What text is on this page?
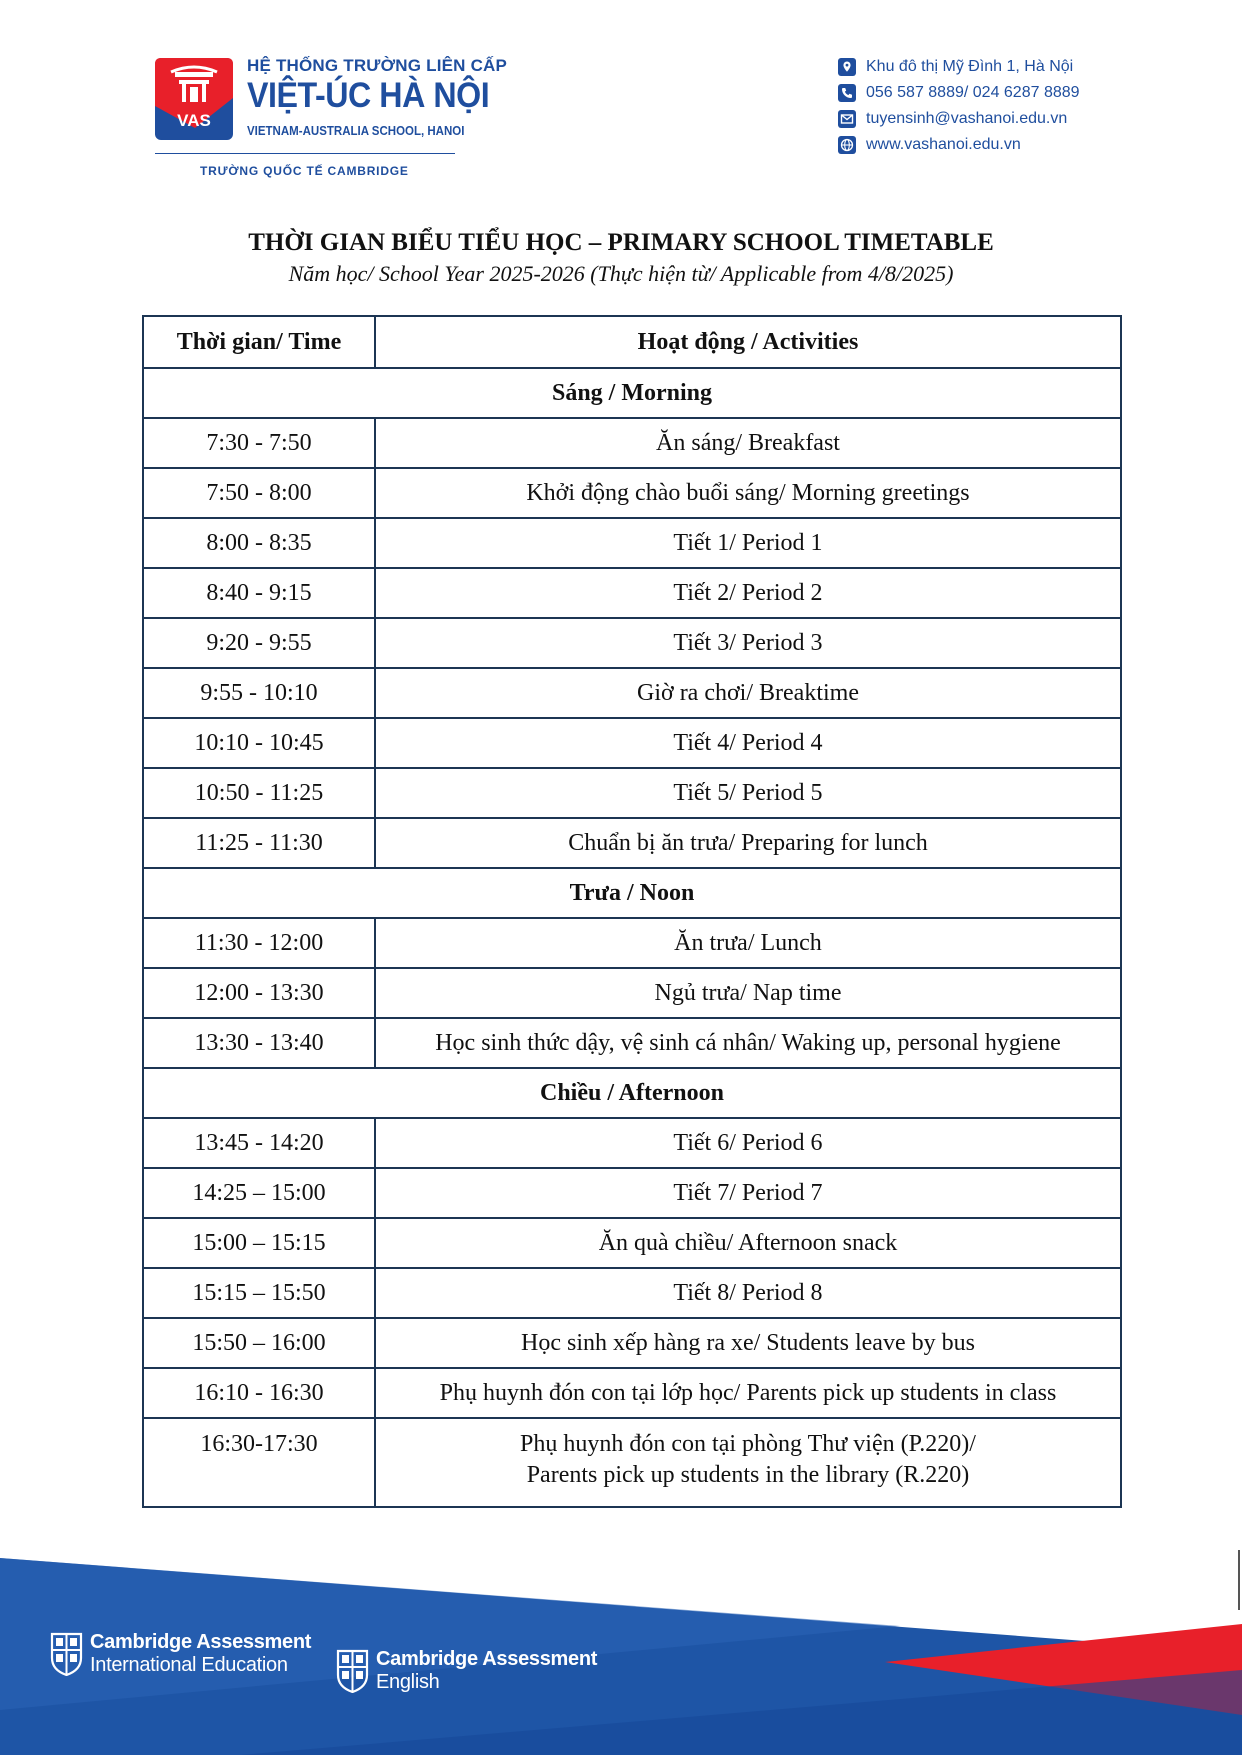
VAS
HỆ THỐNG TRƯỜNG LIÊN CẤP
VIỆT-ÚC HÀ NỘI
VIETNAM-AUSTRALIA SCHOOL, HANOI
TRƯỜNG QUỐC TẾ CAMBRIDGE
Khu đô thị Mỹ Đình 1, Hà Nội
056 587 8889/ 024 6287 8889
tuyensinh@vashanoi.edu.vn
www.vashanoi.edu.vn
THỜI GIAN BIỂU TIỂU HỌC – PRIMARY SCHOOL TIMETABLE
Năm học/ School Year 2025-2026 (Thực hiện từ/ Applicable from 4/8/2025)
Thời gian/ Time	Hoạt động / Activities
Sáng / Morning	
7:30 - 7:50	Ăn sáng/ Breakfast
7:50 - 8:00	Khởi động chào buổi sáng/ Morning greetings
8:00 - 8:35	Tiết 1/ Period 1
8:40 - 9:15	Tiết 2/ Period 2
9:20 - 9:55	Tiết 3/ Period 3
9:55 - 10:10	Giờ ra chơi/ Breaktime
10:10 - 10:45	Tiết 4/ Period 4
10:50 - 11:25	Tiết 5/ Period 5
11:25 - 11:30	Chuẩn bị ăn trưa/ Preparing for lunch
Trưa / Noon	
11:30 - 12:00	Ăn trưa/ Lunch
12:00 - 13:30	Ngủ trưa/ Nap time
13:30 - 13:40	Học sinh thức dậy, vệ sinh cá nhân/ Waking up, personal hygiene
Chiều / Afternoon	
13:45 - 14:20	Tiết 6/ Period 6
14:25 – 15:00	Tiết 7/ Period 7
15:00 – 15:15	Ăn quà chiều/ Afternoon snack
15:15 – 15:50	Tiết 8/ Period 8
15:50 – 16:00	Học sinh xếp hàng ra xe/ Students leave by bus
16:10 - 16:30	Phụ huynh đón con tại lớp học/ Parents pick up students in class
16:30-17:30	Phụ huynh đón con tại phòng Thư viện (P.220)/
Parents pick up students in the library (R.220)
Cambridge Assessment
International Education	Cambridge Assessment
English
